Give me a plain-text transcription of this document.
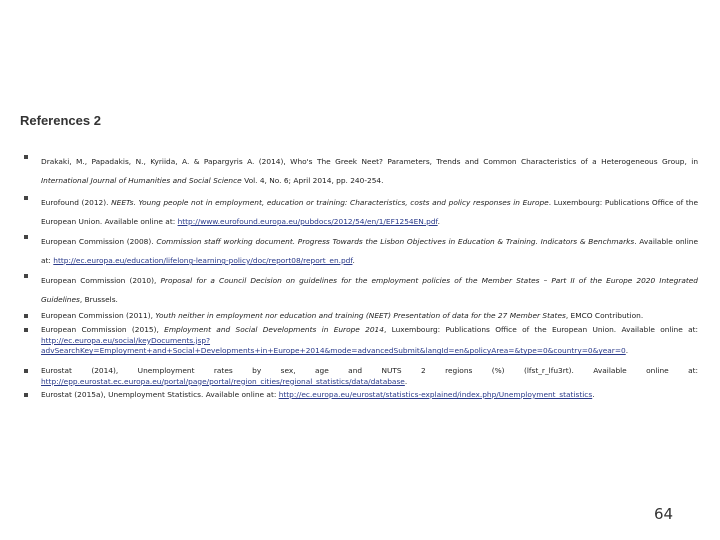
References 2
Drakaki, M., Papadakis, N., Kyriida, A. & Papargyris A. (2014), Who's The Greek Neet? Parameters, Trends and Common Characteristics of a Heterogeneous Group, in International Journal of Humanities and Social Science Vol. 4, No. 6; April 2014, pp. 240-254.
Eurofound (2012). NEETs. Young people not in employment, education or training: Characteristics, costs and policy responses in Europe. Luxembourg: Publications Office of the European Union. Available online at: http://www.eurofound.europa.eu/pubdocs/2012/54/en/1/EF1254EN.pdf.
European Commission (2008). Commission staff working document. Progress Towards the Lisbon Objectives in Education & Training. Indicators & Benchmarks. Available online at: http://ec.europa.eu/education/lifelong-learning-policy/doc/report08/report_en.pdf.
European Commission (2010), Proposal for a Council Decision on guidelines for the employment policies of the Member States – Part II of the Europe 2020 Integrated Guidelines, Brussels.
European Commission (2011), Youth neither in employment nor education and training (NEET) Presentation of data for the 27 Member States, EMCO Contribution.
European Commission (2015), Employment and Social Developments in Europe 2014, Luxembourg: Publications Office of the European Union. Available online at: http://ec.europa.eu/social/keyDocuments.jsp?advSearchKey=Employment+and+Social+Developments+in+Europe+2014&mode=advancedSubmit&langId=en&policyArea=&type=0&country=0&year=0.
Eurostat (2014), Unemployment rates by sex, age and NUTS 2 regions (%) (lfst_r_lfu3rt). Available online at: http://epp.eurostat.ec.europa.eu/portal/page/portal/region_cities/regional_statistics/data/database.
Eurostat (2015a), Unemployment Statistics. Available online at: http://ec.europa.eu/eurostat/statistics-explained/index.php/Unemployment_statistics.
64
